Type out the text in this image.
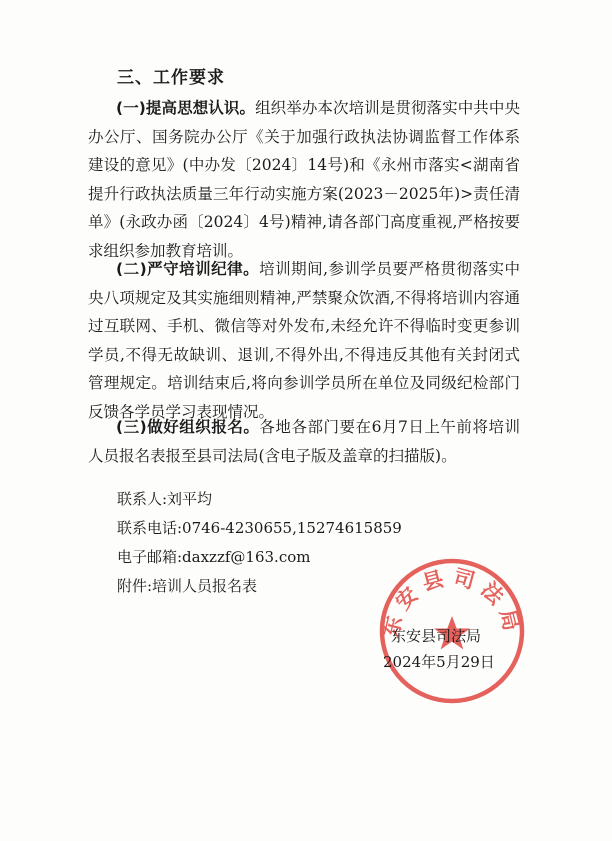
三、工作要求
(一)提高思想认识。组织举办本次培训是贯彻落实中共中央办公厅、国务院办公厅《关于加强行政执法协调监督工作体系建设的意见》(中办发〔2024〕14号)和《永州市落实<湖南省提升行政执法质量三年行动实施方案(2023－2025年)>责任清单》(永政办函〔2024〕4号)精神,请各部门高度重视,严格按要求组织参加教育培训。
(二)严守培训纪律。培训期间,参训学员要严格贯彻落实中央八项规定及其实施细则精神,严禁聚众饮酒,不得将培训内容通过互联网、手机、微信等对外发布,未经允许不得临时变更参训学员,不得无故缺训、退训,不得外出,不得违反其他有关封闭式管理规定。培训结束后,将向参训学员所在单位及同级纪检部门反馈各学员学习表现情况。
(三)做好组织报名。各地各部门要在6月7日上午前将培训人员报名表报至县司法局(含电子版及盖章的扫描版)。
联系人:刘平均
联系电话:0746-4230655,15274615859
电子邮箱:daxzzf@163.com
附件:培训人员报名表
东安县司法局
东安县司法局
2024年5月29日
